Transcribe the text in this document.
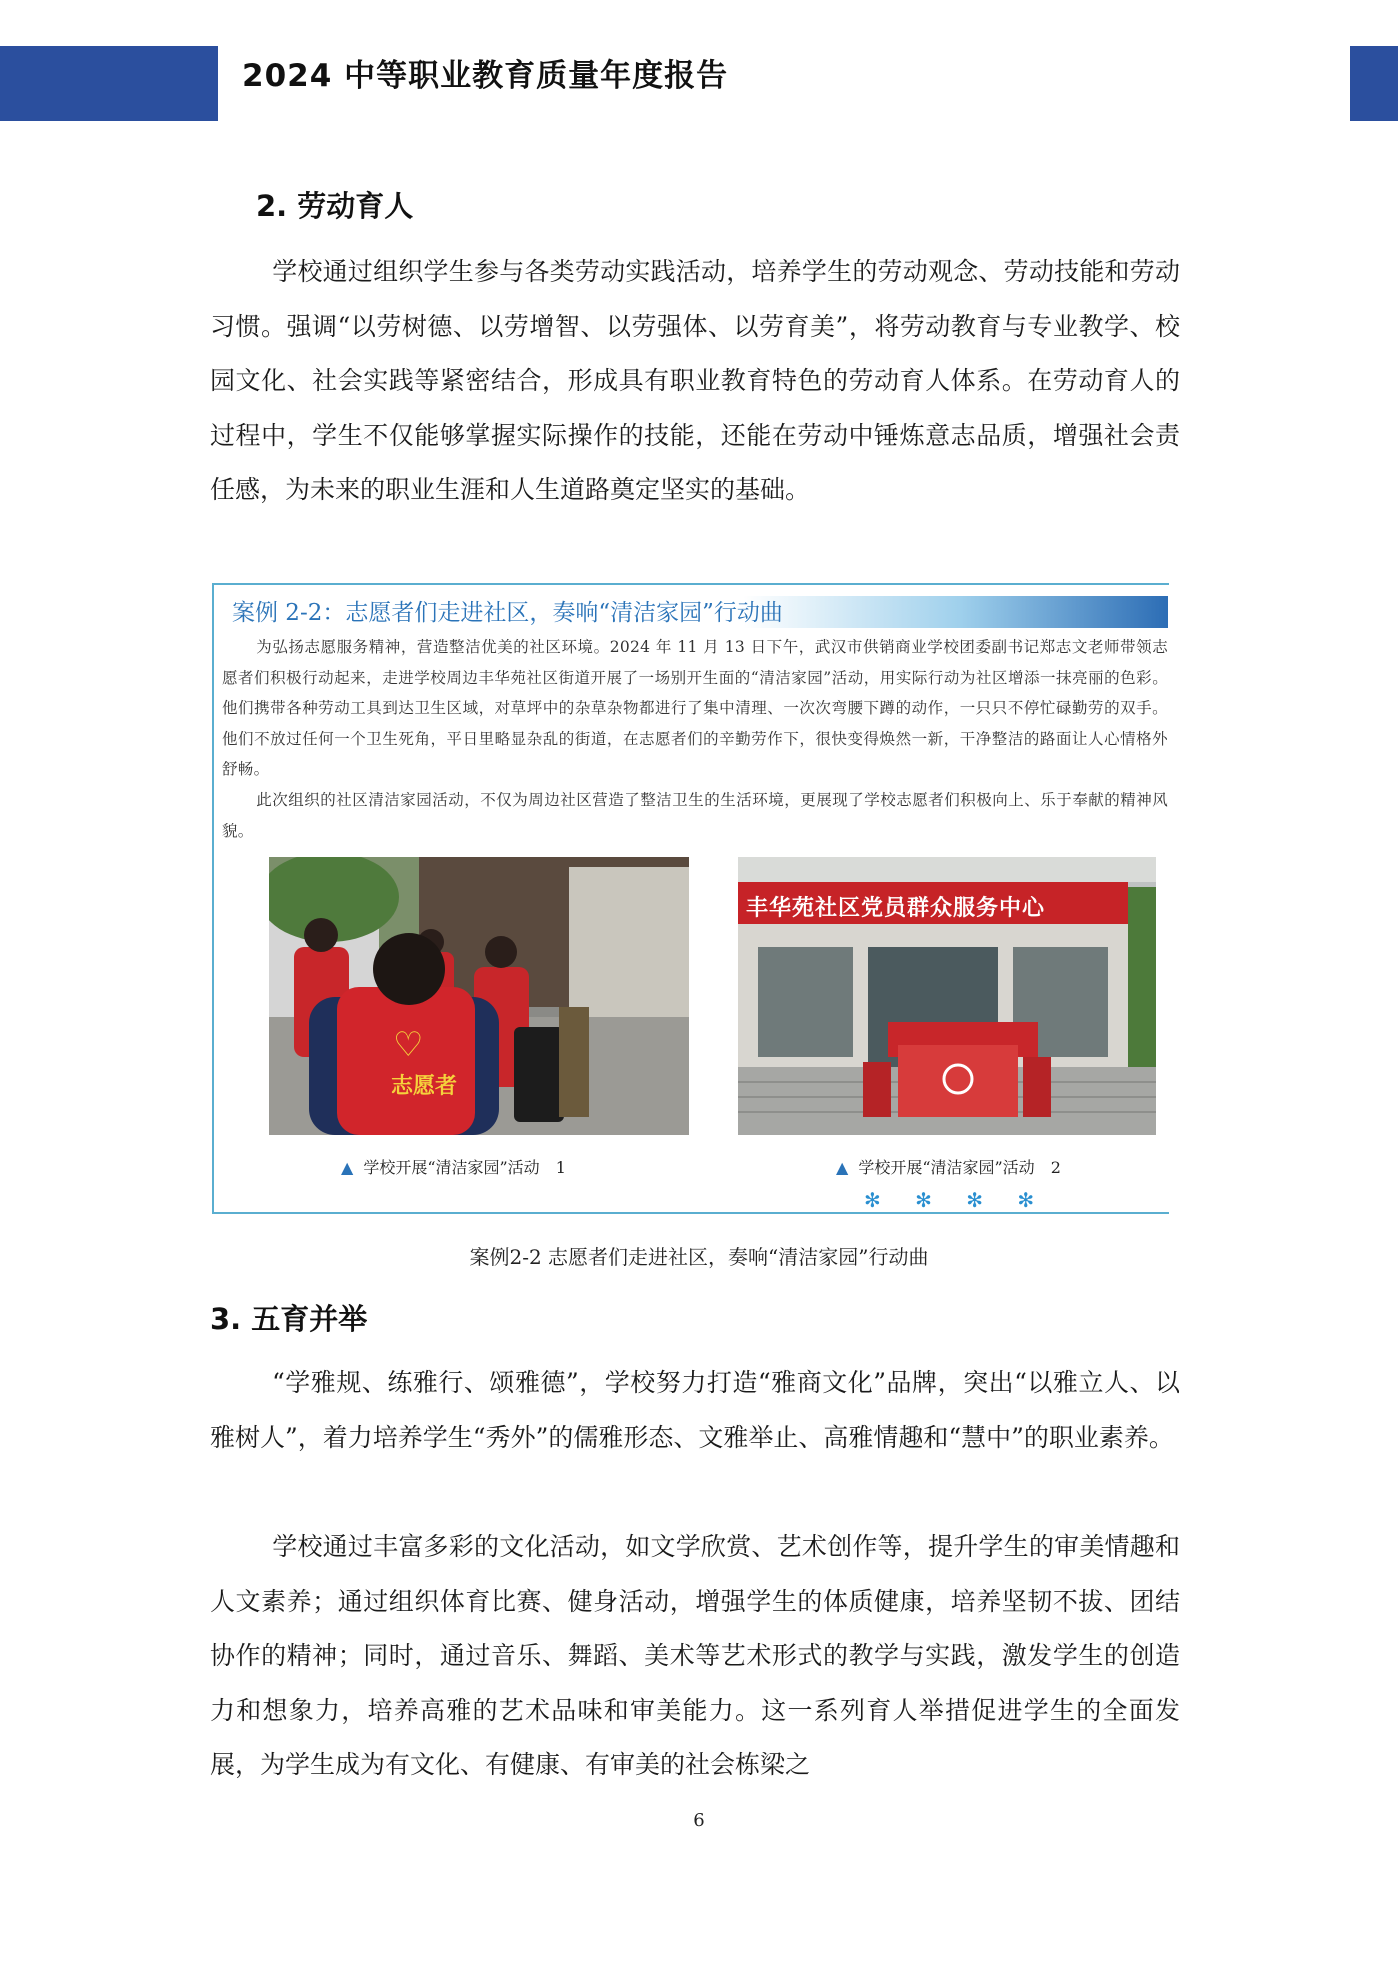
2024 中等职业教育质量年度报告
2. 劳动育人

学校通过组织学生参与各类劳动实践活动，培养学生的劳动观念、劳动技能和劳动习惯。强调“以劳树德、以劳增智、以劳强体、以劳育美”，将劳动教育与专业教学、校园文化、社会实践等紧密结合，形成具有职业教育特色的劳动育人体系。在劳动育人的过程中，学生不仅能够掌握实际操作的技能，还能在劳动中锤炼意志品质，增强社会责任感，为未来的职业生涯和人生道路奠定坚实的基础。

案例 2-2：志愿者们走进社区，奏响“清洁家园”行动曲

为弘扬志愿服务精神，营造整洁优美的社区环境。2024 年 11 月 13 日下午，武汉市供销商业学校团委副书记郑志文老师带领志愿者们积极行动起来，走进学校周边丰华苑社区街道开展了一场别开生面的“清洁家园”活动，用实际行动为社区增添一抹亮丽的色彩。他们携带各种劳动工具到达卫生区域，对草坪中的杂草杂物都进行了集中清理、一次次弯腰下蹲的动作，一只只不停忙碌勤劳的双手。他们不放过任何一个卫生死角，平日里略显杂乱的街道，在志愿者们的辛勤劳作下，很快变得焕然一新，干净整洁的路面让人心情格外舒畅。

此次组织的社区清洁家园活动，不仅为周边社区营造了整洁卫生的生活环境，更展现了学校志愿者们积极向上、乐于奉献的精神风貌。

志愿者
♡
丰华苑社区党员群众服务中心
▲ 学校开展“清洁家园”活动 1	▲ 学校开展“清洁家园”活动 2
✻ ✻ ✻ ✻
案例2-2 志愿者们走进社区，奏响“清洁家园”行动曲
3. 五育并举

“学雅规、练雅行、颂雅德”，学校努力打造“雅商文化”品牌，突出“以雅立人、以雅树人”，着力培养学生“秀外”的儒雅形态、文雅举止、高雅情趣和“慧中”的职业素养。

学校通过丰富多彩的文化活动，如文学欣赏、艺术创作等，提升学生的审美情趣和人文素养；通过组织体育比赛、健身活动，增强学生的体质健康，培养坚韧不拔、团结协作的精神；同时，通过音乐、舞蹈、美术等艺术形式的教学与实践，激发学生的创造力和想象力，培养高雅的艺术品味和审美能力。这一系列育人举措促进学生的全面发展，为学生成为有文化、有健康、有审美的社会栋梁之

6
